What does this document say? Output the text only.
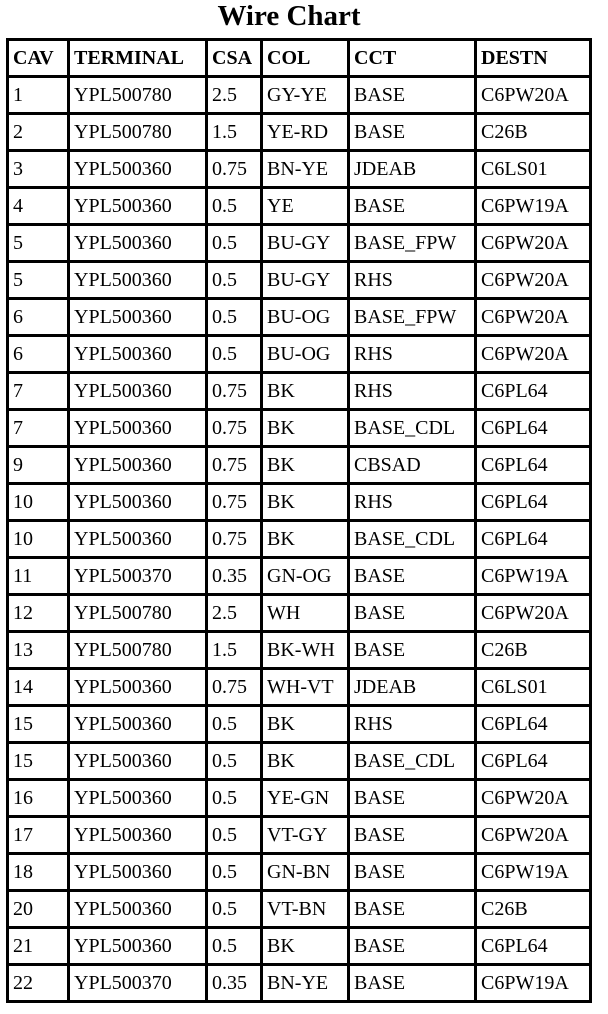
Wire Chart
CAV	TERMINAL	CSA	COL	CCT	DESTN
1	YPL500780	2.5	GY-YE	BASE	C6PW20A
2	YPL500780	1.5	YE-RD	BASE	C26B
3	YPL500360	0.75	BN-YE	JDEAB	C6LS01
4	YPL500360	0.5	YE	BASE	C6PW19A
5	YPL500360	0.5	BU-GY	BASE_FPW	C6PW20A
5	YPL500360	0.5	BU-GY	RHS	C6PW20A
6	YPL500360	0.5	BU-OG	BASE_FPW	C6PW20A
6	YPL500360	0.5	BU-OG	RHS	C6PW20A
7	YPL500360	0.75	BK	RHS	C6PL64
7	YPL500360	0.75	BK	BASE_CDL	C6PL64
9	YPL500360	0.75	BK	CBSAD	C6PL64
10	YPL500360	0.75	BK	RHS	C6PL64
10	YPL500360	0.75	BK	BASE_CDL	C6PL64
11	YPL500370	0.35	GN-OG	BASE	C6PW19A
12	YPL500780	2.5	WH	BASE	C6PW20A
13	YPL500780	1.5	BK-WH	BASE	C26B
14	YPL500360	0.75	WH-VT	JDEAB	C6LS01
15	YPL500360	0.5	BK	RHS	C6PL64
15	YPL500360	0.5	BK	BASE_CDL	C6PL64
16	YPL500360	0.5	YE-GN	BASE	C6PW20A
17	YPL500360	0.5	VT-GY	BASE	C6PW20A
18	YPL500360	0.5	GN-BN	BASE	C6PW19A
20	YPL500360	0.5	VT-BN	BASE	C26B
21	YPL500360	0.5	BK	BASE	C6PL64
22	YPL500370	0.35	BN-YE	BASE	C6PW19A
